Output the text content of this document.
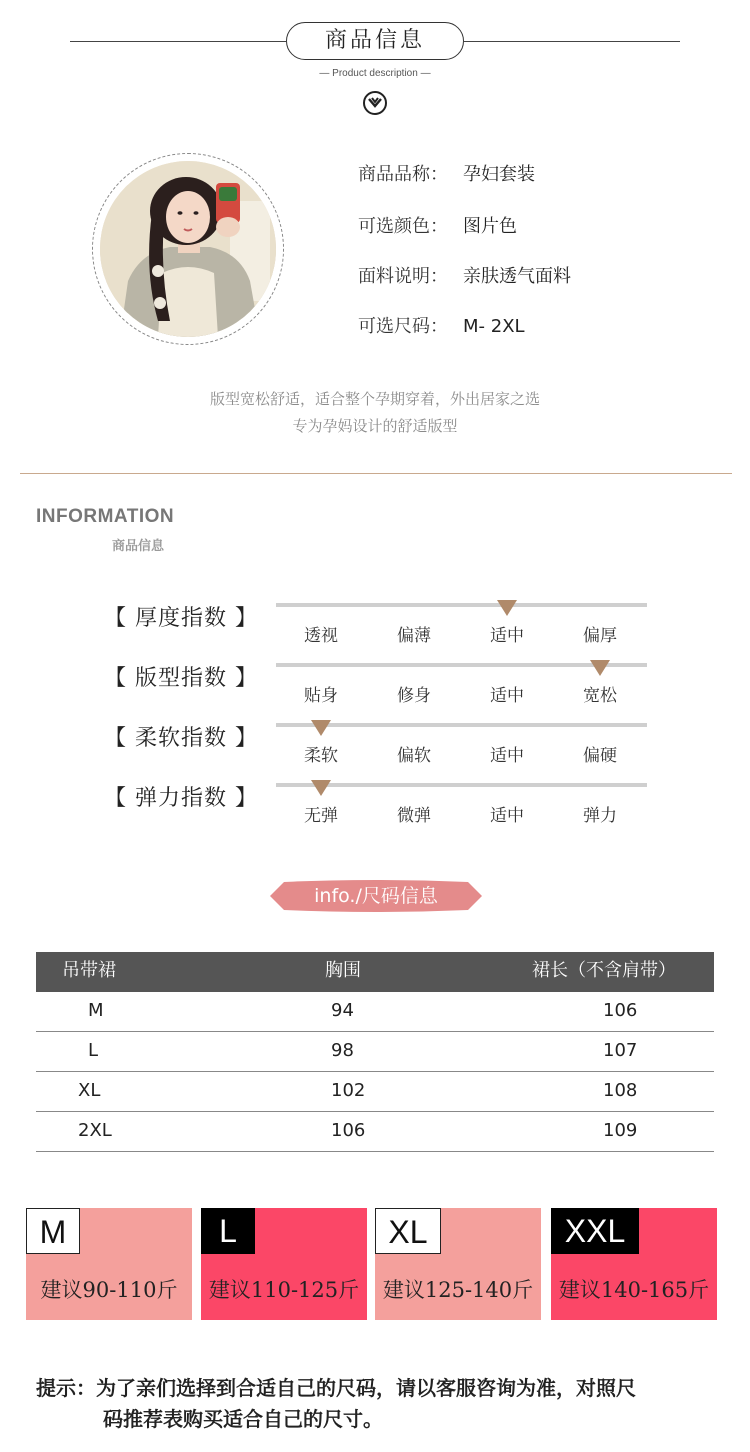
商品信息
— Product description —
商品品称： 孕妇套装
可选颜色： 图片色
面料说明： 亲肤透气面料
可选尺码： M- 2XL
版型宽松舒适，适合整个孕期穿着，外出居家之选
专为孕妈设计的舒适版型
INFORMATION
商品信息
【 厚度指数 】
透视	偏薄	适中	偏厚
【 版型指数 】
贴身	修身	适中	宽松
【 柔软指数 】
柔软	偏软	适中	偏硬
【 弹力指数 】
无弹	微弹	适中	弹力
info./尺码信息
吊带裙	胸围	裙长（不含肩带）
M	94	106
L	98	107
XL	102	108
2XL	106	109
M
建议90-110斤
L
建议110-125斤
XL
建议125-140斤
XXL
建议140-165斤
提示：为了亲们选择到合适自己的尺码，请以客服咨询为准，对照尺
码推荐表购买适合自己的尺寸。
